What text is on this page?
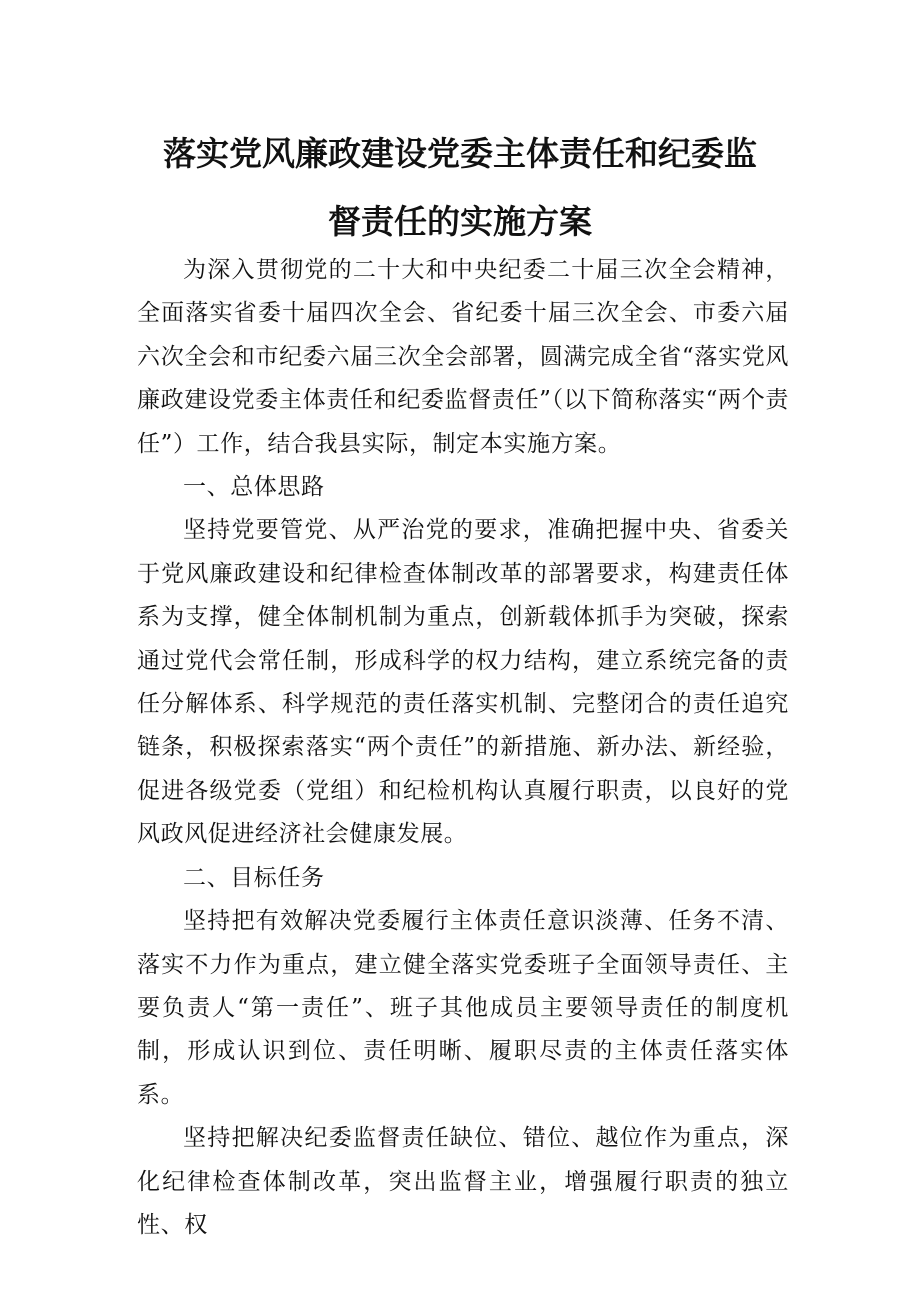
落实党风廉政建设党委主体责任和纪委监
督责任的实施方案

为深入贯彻党的二十大和中央纪委二十届三次全会精神，全面落实省委十届四次全会、省纪委十届三次全会、市委六届六次全会和市纪委六届三次全会部署，圆满完成全省“落实党风廉政建设党委主体责任和纪委监督责任”（以下简称落实“两个责任”）工作，结合我县实际，制定本实施方案。

一、总体思路

坚持党要管党、从严治党的要求，准确把握中央、省委关于党风廉政建设和纪律检查体制改革的部署要求，构建责任体系为支撑，健全体制机制为重点，创新载体抓手为突破，探索通过党代会常任制，形成科学的权力结构，建立系统完备的责任分解体系、科学规范的责任落实机制、完整闭合的责任追究链条，积极探索落实“两个责任”的新措施、新办法、新经验，促进各级党委（党组）和纪检机构认真履行职责，以良好的党风政风促进经济社会健康发展。

二、目标任务

坚持把有效解决党委履行主体责任意识淡薄、任务不清、落实不力作为重点，建立健全落实党委班子全面领导责任、主要负责人“第一责任”、班子其他成员主要领导责任的制度机制，形成认识到位、责任明晰、履职尽责的主体责任落实体系。

坚持把解决纪委监督责任缺位、错位、越位作为重点，深化纪律检查体制改革，突出监督主业，增强履行职责的独立性、权
